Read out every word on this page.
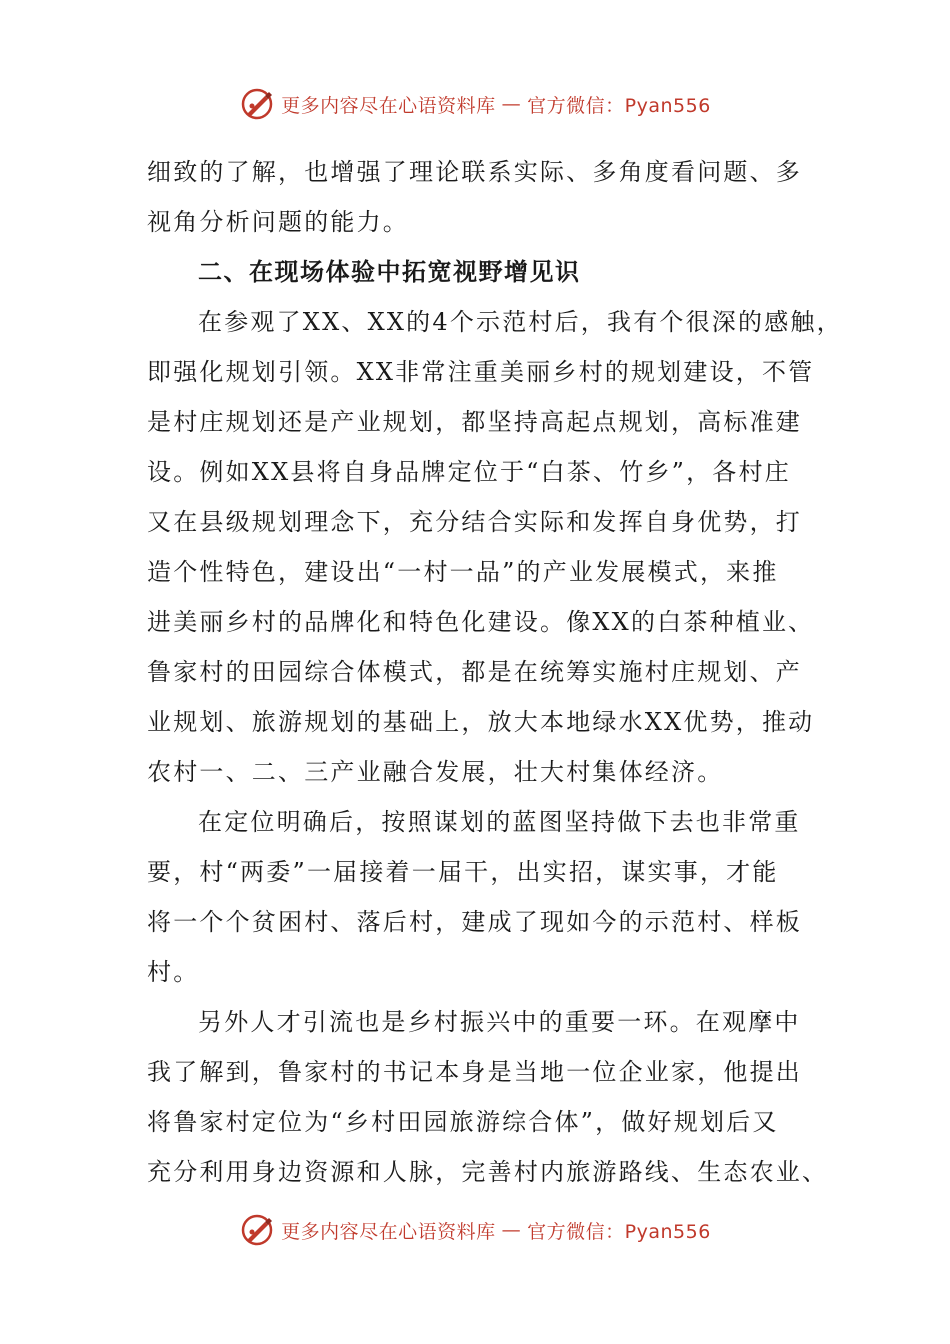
更多内容尽在心语资料库 — 官方微信：Pyan556
细致的了解，也增强了理论联系实际、多角度看问题、多
视角分析问题的能力。
二、在现场体验中拓宽视野增见识
在参观了XX、XX的4个示范村后，我有个很深的感触，
即强化规划引领。XX非常注重美丽乡村的规划建设，不管
是村庄规划还是产业规划，都坚持高起点规划，高标准建
设。例如XX县将自身品牌定位于“白茶、竹乡”，各村庄
又在县级规划理念下，充分结合实际和发挥自身优势，打
造个性特色，建设出“一村一品”的产业发展模式，来推
进美丽乡村的品牌化和特色化建设。像XX的白茶种植业、
鲁家村的田园综合体模式，都是在统筹实施村庄规划、产
业规划、旅游规划的基础上，放大本地绿水XX优势，推动
农村一、二、三产业融合发展，壮大村集体经济。
在定位明确后，按照谋划的蓝图坚持做下去也非常重
要，村“两委”一届接着一届干，出实招，谋实事，才能
将一个个贫困村、落后村，建成了现如今的示范村、样板
村。
另外人才引流也是乡村振兴中的重要一环。在观摩中
我了解到，鲁家村的书记本身是当地一位企业家，他提出
将鲁家村定位为“乡村田园旅游综合体”，做好规划后又
充分利用身边资源和人脉，完善村内旅游路线、生态农业、
更多内容尽在心语资料库 — 官方微信：Pyan556
